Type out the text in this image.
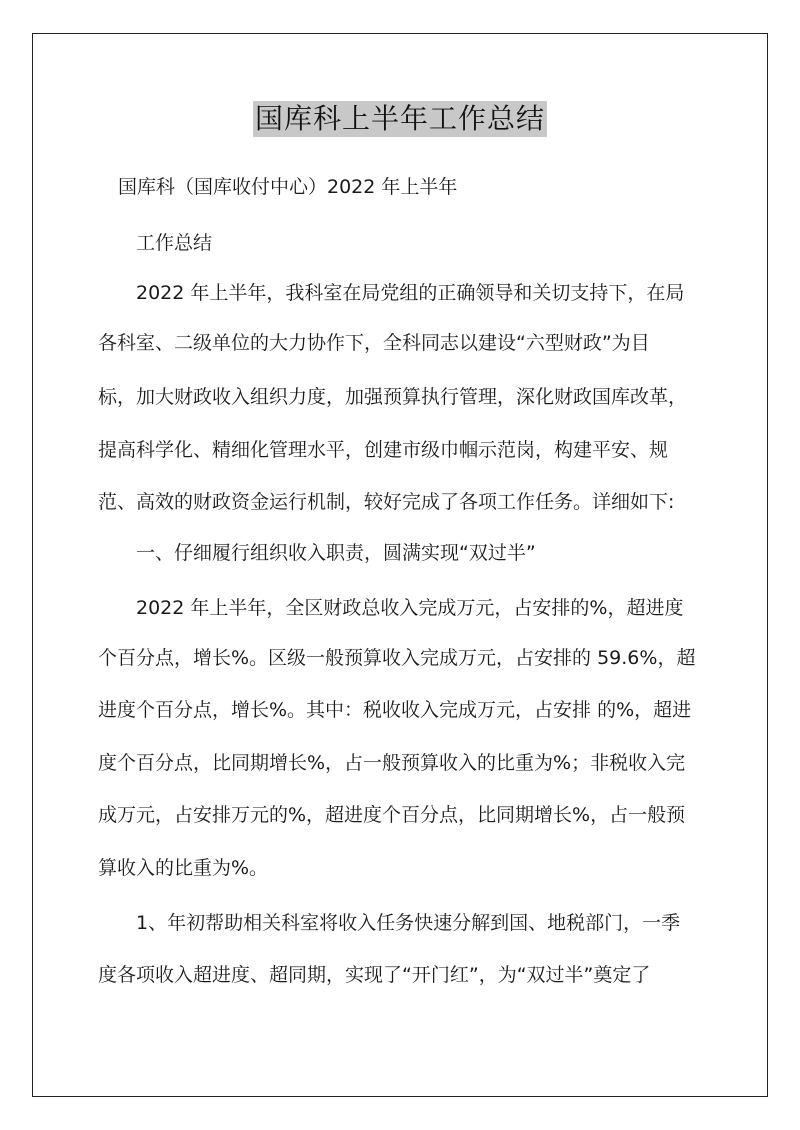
国库科上半年工作总结
国库科（国库收付中心）2022 年上半年
工作总结
2022 年上半年，我科室在局党组的正确领导和关切支持下，在局
各科室、二级单位的大力协作下，全科同志以建设“六型财政”为目
标，加大财政收入组织力度，加强预算执行管理，深化财政国库改革，
提高科学化、精细化管理水平，创建市级巾帼示范岗，构建平安、规
范、高效的财政资金运行机制，较好完成了各项工作任务。详细如下:
一、仔细履行组织收入职责，圆满实现“双过半”
2022 年上半年，全区财政总收入完成万元，占安排的%，超进度
个百分点，增长%。区级一般预算收入完成万元，占安排的 59.6%，超
进度个百分点，增长%。其中：税收收入完成万元，占安排 的%，超进
度个百分点，比同期增长%，占一般预算收入的比重为%；非税收入完
成万元，占安排万元的%，超进度个百分点，比同期增长%，占一般预
算收入的比重为%。
1、年初帮助相关科室将收入任务快速分解到国、地税部门，一季
度各项收入超进度、超同期，实现了“开门红”，为“双过半”奠定了
